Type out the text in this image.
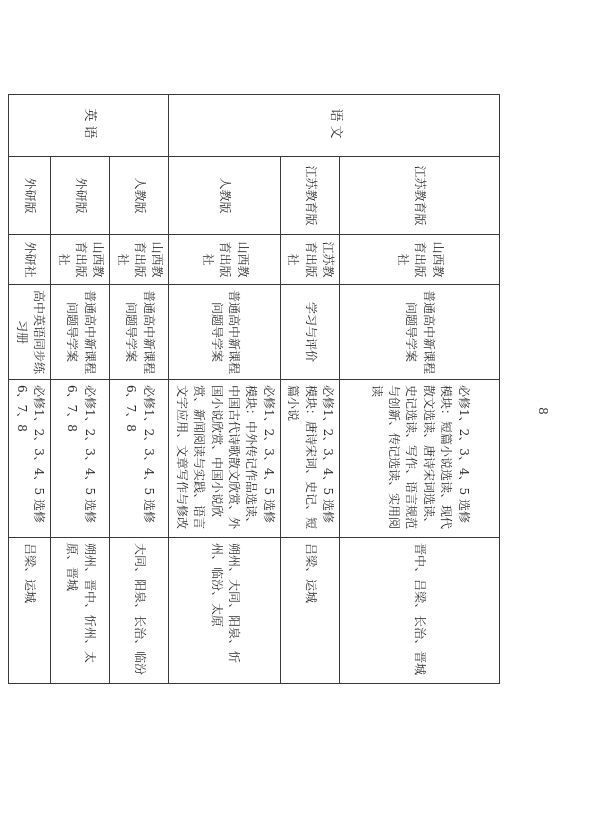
语文	江苏教育版	山西教育出版社	普通高中新课程问题导学案	必修1、2、3、4、5 选修模块：短篇小说选读、现代散文选读、唐诗宋词选读、史记选读、写作、语言规范与创新、传记选读、实用阅读	晋中、吕梁、长治、晋城	
	江苏教育版	江苏教育出版社	学习与评价	必修1、2、3、4、5 选修模块：唐诗宋词、史记、短篇小说	吕梁、运城	
	人教版	山西教育出版社	普通高中新课程问题导学案	必修1、2、3、4、5 选修模块：中外传记作品选读、中国古代诗歌散文欣赏、外国小说欣赏、中国小说欣赏、新闻阅读与实践、语言文字应用、文章写作与修改	朔州、大同、阳泉、忻州、临汾、太原	
英语	人教版	山西教育出版社	普通高中新课程问题导学案	必修1、2、3、4、5 选修6、7、8	大同、阳泉、长治、临汾	
	外研版	山西教育出版社	普通高中新课程问题导学案	必修1、2、3、4、5 选修6、7、8	朔州、晋中、忻州、太原、晋城	
	外研版	外研社	高中英语同步练习册	必修1、2、3、4、5 选修6、7、8	吕梁、运城	
8
